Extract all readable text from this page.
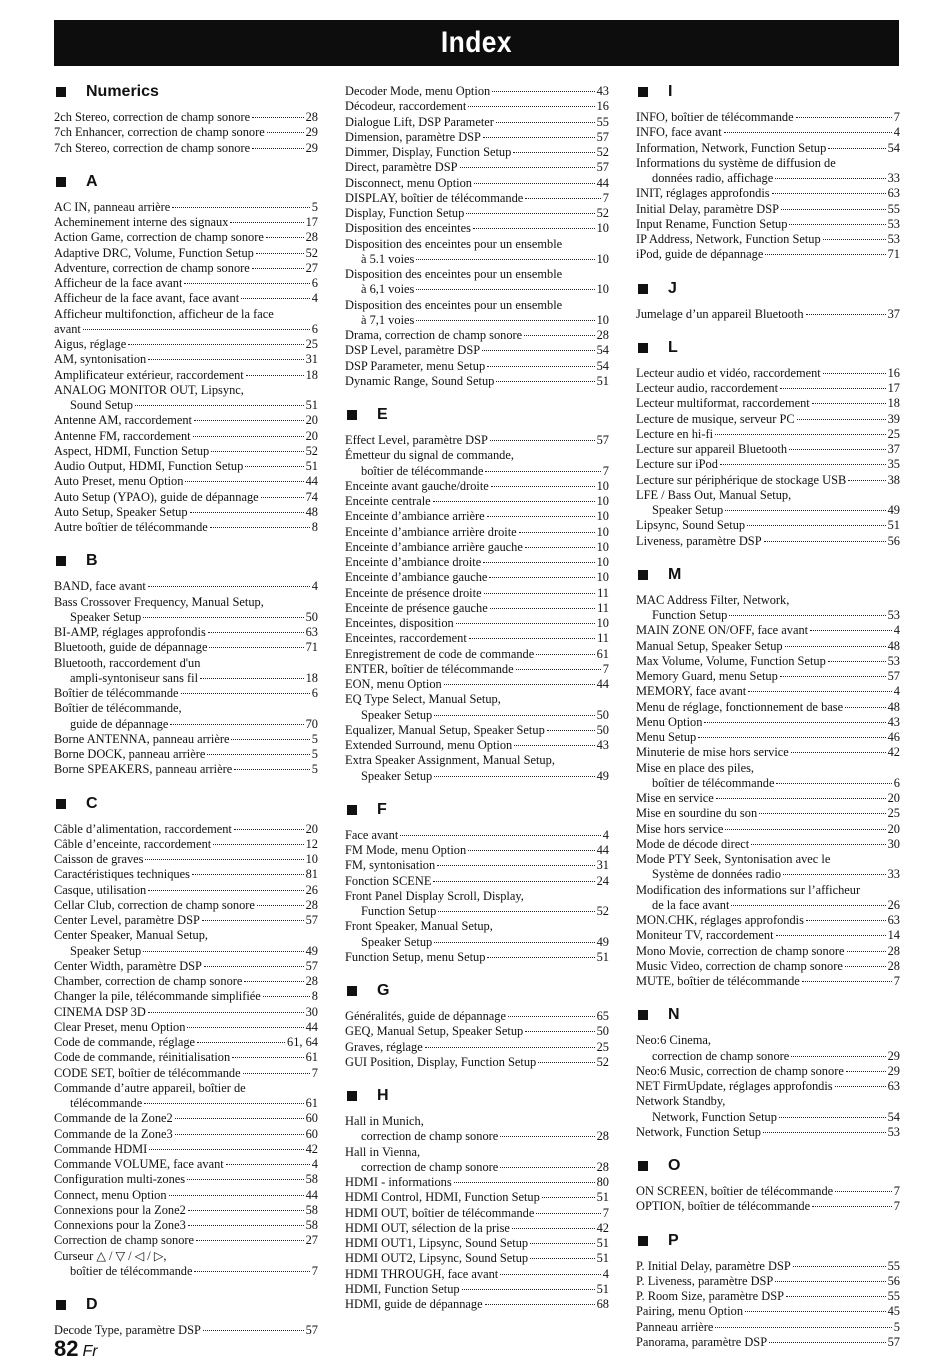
Index
Numerics
2ch Stereo, correction de champ sonore	28
7ch Enhancer, correction de champ sonore	29
7ch Stereo, correction de champ sonore	29
A
AC IN, panneau arrière	5
Acheminement interne des signaux	17
Action Game, correction de champ sonore	28
Adaptive DRC, Volume, Function Setup	52
Adventure, correction de champ sonore	27
Afficheur de la face avant	6
Afficheur de la face avant, face avant	4
Afficheur multifonction, afficheur de la face
avant	6
Aigus, réglage	25
AM, syntonisation	31
Amplificateur extérieur, raccordement	18
ANALOG MONITOR OUT, Lipsync,
Sound Setup	51
Antenne AM, raccordement	20
Antenne FM, raccordement	20
Aspect, HDMI, Function Setup	52
Audio Output, HDMI, Function Setup	51
Auto Preset, menu Option	44
Auto Setup (YPAO), guide de dépannage	74
Auto Setup, Speaker Setup	48
Autre boîtier de télécommande	8
B
BAND, face avant	4
Bass Crossover Frequency, Manual Setup,
Speaker Setup	50
BI-AMP, réglages approfondis	63
Bluetooth, guide de dépannage	71
Bluetooth, raccordement d'un
ampli-syntoniseur sans fil	18
Boîtier de télécommande	6
Boîtier de télécommande,
guide de dépannage	70
Borne ANTENNA, panneau arrière	5
Borne DOCK, panneau arrière	5
Borne SPEAKERS, panneau arrière	5
C
Câble d’alimentation, raccordement	20
Câble d’enceinte, raccordement	12
Caisson de graves	10
Caractéristiques techniques	81
Casque, utilisation	26
Cellar Club, correction de champ sonore	28
Center Level, paramètre DSP	57
Center Speaker, Manual Setup,
Speaker Setup	49
Center Width, paramètre DSP	57
Chamber, correction de champ sonore	28
Changer la pile, télécommande simplifiée	8
CINEMA DSP 3D	30
Clear Preset, menu Option	44
Code de commande, réglage	61, 64
Code de commande, réinitialisation	61
CODE SET, boîtier de télécommande	7
Commande d’autre appareil, boîtier de
télécommande	61
Commande de la Zone2	60
Commande de la Zone3	60
Commande HDMI	42
Commande VOLUME, face avant	4
Configuration multi-zones	58
Connect, menu Option	44
Connexions pour la Zone2	58
Connexions pour la Zone3	58
Correction de champ sonore	27
Curseur △ / ▽ / ◁ / ▷,
boîtier de télécommande	7
D
Decode Type, paramètre DSP	57
Decoder Mode, menu Option	43
Décodeur, raccordement	16
Dialogue Lift, DSP Parameter	55
Dimension, paramètre DSP	57
Dimmer, Display, Function Setup	52
Direct, paramètre DSP	57
Disconnect, menu Option	44
DISPLAY, boîtier de télécommande	7
Display, Function Setup	52
Disposition des enceintes	10
Disposition des enceintes pour un ensemble
à 5.1 voies	10
Disposition des enceintes pour un ensemble
à 6,1 voies	10
Disposition des enceintes pour un ensemble
à 7,1 voies	10
Drama, correction de champ sonore	28
DSP Level, paramètre DSP	54
DSP Parameter, menu Setup	54
Dynamic Range, Sound Setup	51
E
Effect Level, paramètre DSP	57
Émetteur du signal de commande,
boîtier de télécommande	7
Enceinte avant gauche/droite	10
Enceinte centrale	10
Enceinte d’ambiance arrière	10
Enceinte d’ambiance arrière droite	10
Enceinte d’ambiance arrière gauche	10
Enceinte d’ambiance droite	10
Enceinte d’ambiance gauche	10
Enceinte de présence droite	11
Enceinte de présence gauche	11
Enceintes, disposition	10
Enceintes, raccordement	11
Enregistrement de code de commande	61
ENTER, boîtier de télécommande	7
EON, menu Option	44
EQ Type Select, Manual Setup,
Speaker Setup	50
Equalizer, Manual Setup, Speaker Setup	50
Extended Surround, menu Option	43
Extra Speaker Assignment, Manual Setup,
Speaker Setup	49
F
Face avant	4
FM Mode, menu Option	44
FM, syntonisation	31
Fonction SCENE	24
Front Panel Display Scroll, Display,
Function Setup	52
Front Speaker, Manual Setup,
Speaker Setup	49
Function Setup, menu Setup	51
G
Généralités, guide de dépannage	65
GEQ, Manual Setup, Speaker Setup	50
Graves, réglage	25
GUI Position, Display, Function Setup	52
H
Hall in Munich,
correction de champ sonore	28
Hall in Vienna,
correction de champ sonore	28
HDMI - informations	80
HDMI Control, HDMI, Function Setup	51
HDMI OUT, boîtier de télécommande	7
HDMI OUT, sélection de la prise	42
HDMI OUT1, Lipsync, Sound Setup	51
HDMI OUT2, Lipsync, Sound Setup	51
HDMI THROUGH, face avant	4
HDMI, Function Setup	51
HDMI, guide de dépannage	68
I
INFO, boîtier de télécommande	7
INFO, face avant	4
Information, Network, Function Setup	54
Informations du système de diffusion de
données radio, affichage	33
INIT, réglages approfondis	63
Initial Delay, paramètre DSP	55
Input Rename, Function Setup	53
IP Address, Network, Function Setup	53
iPod, guide de dépannage	71
J
Jumelage d’un appareil Bluetooth	37
L
Lecteur audio et vidéo, raccordement	16
Lecteur audio, raccordement	17
Lecteur multiformat, raccordement	18
Lecture de musique, serveur PC	39
Lecture en hi-fi	25
Lecture sur appareil Bluetooth	37
Lecture sur iPod	35
Lecture sur périphérique de stockage USB	38
LFE / Bass Out, Manual Setup,
Speaker Setup	49
Lipsync, Sound Setup	51
Liveness, paramètre DSP	56
M
MAC Address Filter, Network,
Function Setup	53
MAIN ZONE ON/OFF, face avant	4
Manual Setup, Speaker Setup	48
Max Volume, Volume, Function Setup	53
Memory Guard, menu Setup	57
MEMORY, face avant	4
Menu de réglage, fonctionnement de base	48
Menu Option	43
Menu Setup	46
Minuterie de mise hors service	42
Mise en place des piles,
boîtier de télécommande	6
Mise en service	20
Mise en sourdine du son	25
Mise hors service	20
Mode de décode direct	30
Mode PTY Seek, Syntonisation avec le
Système de données radio	33
Modification des informations sur l’afficheur
de la face avant	26
MON.CHK, réglages approfondis	63
Moniteur TV, raccordement	14
Mono Movie, correction de champ sonore	28
Music Video, correction de champ sonore	28
MUTE, boîtier de télécommande	7
N
Neo:6 Cinema,
correction de champ sonore	29
Neo:6 Music, correction de champ sonore	29
NET FirmUpdate, réglages approfondis	63
Network Standby,
Network, Function Setup	54
Network, Function Setup	53
O
ON SCREEN, boîtier de télécommande	7
OPTION, boîtier de télécommande	7
P
P. Initial Delay, paramètre DSP	55
P. Liveness, paramètre DSP	56
P. Room Size, paramètre DSP	55
Pairing, menu Option	45
Panneau arrière	5
Panorama, paramètre DSP	57
82 Fr
